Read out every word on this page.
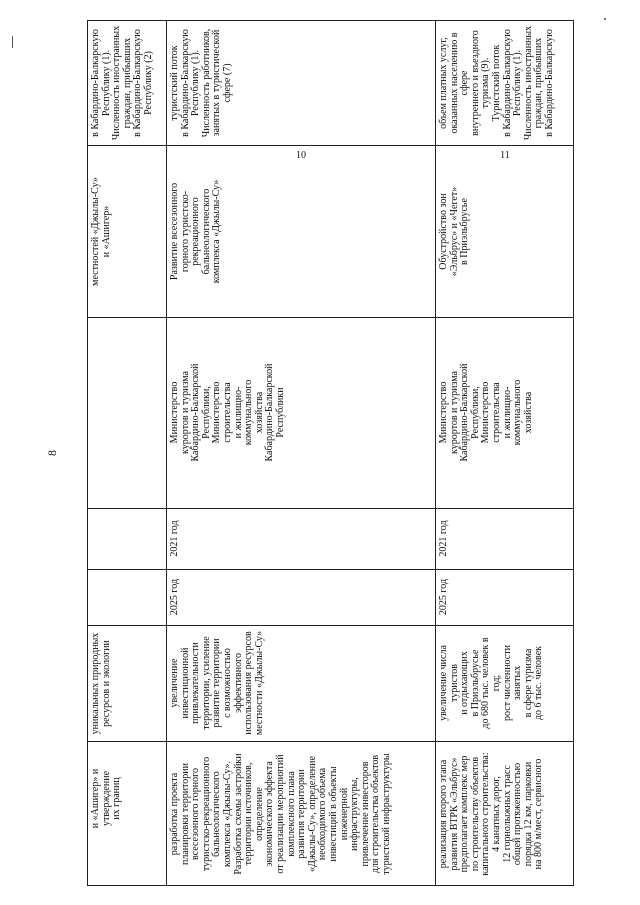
8
10	11
местностей «Джылы-Су»
и «Ашигер»
уникальных природных
ресурсов и экологии
и «Ашигер» и утверждение
их границ
в Кабардино-Балкарскую
Республику (1).
Численность иностранных
граждан, прибывших
в Кабардино-Балкарскую
Республику (2)
Развитие всесезонного
горного туристско-
рекреационного
бальнеологического
комплекса «Джылы-Су»
Министерство
курортов и туризма
Кабардино-Балкарской
Республики,
Министерство
строительства
и жилищно-
коммунального
хозяйства
Кабардино-Балкарской
Республики
2021 год
2025 год
увеличение
инвестиционной
привлекательности
территории, усиление
развитие территории
с возможностью
эффективного
использования ресурсов
местности «Джылы-Су»
разработка проекта
планировки территории
всесезонного горного
туристско-рекреационного
бальнеологического
комплекса «Джылы-Су».
Разработка схемы застройки
территории источников,
определение
экономического эффекта
от реализации мероприятий
комплексного плана
развития территории
«Джылы-Су», определение
необходимого объема
инвестиций в объекты
инженерной
инфраструктуры,
привлечение инвесторов
для строительства объектов
туристской инфраструктуры
туристский поток
в Кабардино-Балкарскую
Республику (1).
Численность работников,
занятых в туристической
сфере (7)
Обустройство зон
«Эльбрус» и «Чегет»
в Приэльбрусье
Министерство
курортов и туризма
Кабардино-Балкарской
Республики,
Министерство
строительства
и жилищно-
коммунального
хозяйства
2021 год
2025 год
увеличение числа туристов
и отдыхающих
в Приэльбрусье
до 680 тыс. человек в год;
рост численности занятых
в сфере туризма
до 6 тыс. человек
реализация второго этапа
развития ВТРК «Эльбрус»
предполагает комплекс мер
по строительству объектов
капитального строительства:
4 канатных дорог,
12 горнолыжных трасс
общей протяженностью
порядка 12 км, парковки
на 800 м/мест, сервисного
объем платных услуг,
оказанных населению в сфере
внутреннего и въездного
туризма (9).
Туристский поток
в Кабардино-Балкарскую
Республику (1).
Численность иностранных
граждан, прибывших
в Кабардино-Балкарскую
